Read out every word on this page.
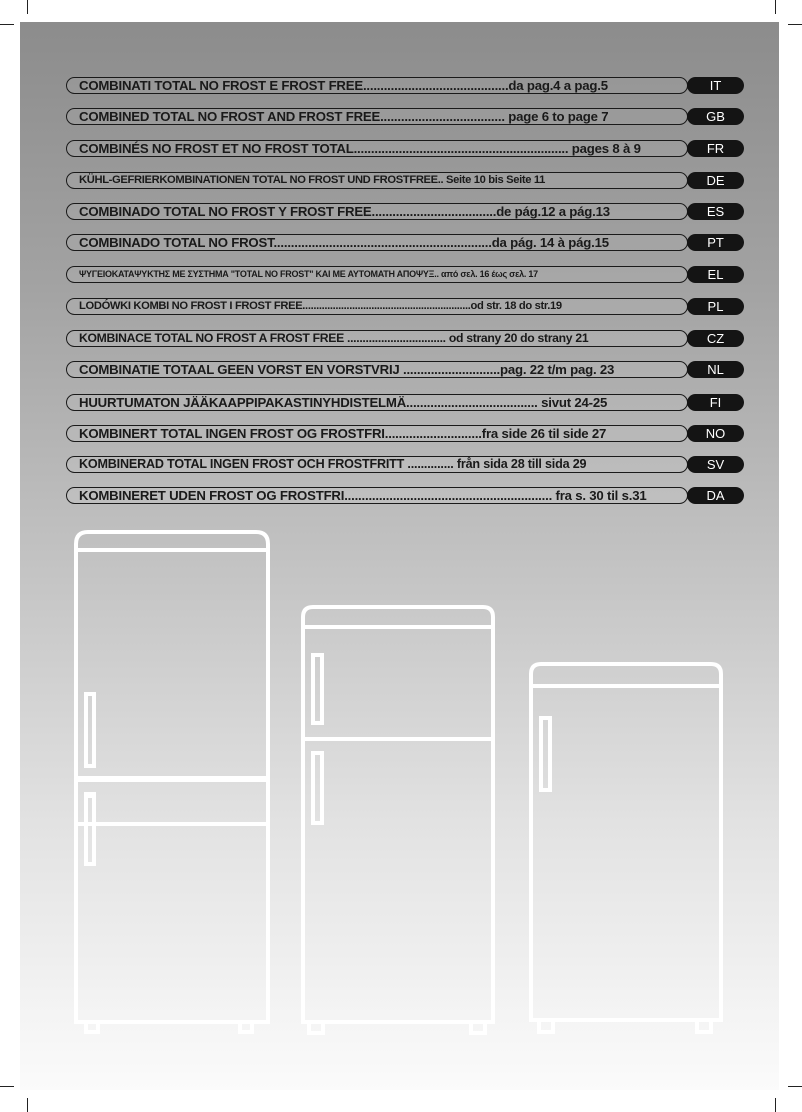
COMBINATI TOTAL NO FROST E FROST FREE..........................................da pag.4 a pag.5	IT
COMBINED TOTAL NO FROST AND FROST FREE.................................... page 6 to page 7	GB
COMBINÉS NO FROST ET NO FROST TOTAL.............................................................. pages 8 à 9	FR
KÜHL-GEFRIERKOMBINATIONEN TOTAL NO FROST UND FROSTFREE.. Seite 10 bis Seite 11	DE
COMBINADO TOTAL NO FROST Y FROST FREE....................................de pág.12 a pág.13	ES
COMBINADO TOTAL NO FROST...............................................................da pág. 14 à pág.15	PT
ΨΥΓΕΙΟΚΑΤΑΨΥΚΤΗΣ ΜΕ ΣΥΣΤΗΜΑ "TOTAL NO FROST" ΚΑΙ ΜΕ ΑΥΤΟΜΑΤΗ ΑΠΟΨΥΞ.. από σελ. 16 έως σελ. 17	EL
LODÓWKI KOMBI NO FROST I FROST FREE.............................................................od str. 18 do str.19	PL
KOMBINACE TOTAL NO FROST A FROST FREE ................................ od strany 20 do strany 21	CZ
COMBINATIE TOTAAL GEEN VORST EN VORSTVRIJ ............................pag. 22 t/m pag. 23	NL
HUURTUMATON JÄÄKAAPPIPAKASTINYHDISTELMÄ...................................... sivut 24-25	FI
KOMBINERT TOTAL INGEN FROST OG FROSTFRI............................fra side 26 til side 27	NO
KOMBINERAD TOTAL INGEN FROST OCH FROSTFRITT .............. från sida 28 till sida 29	SV
KOMBINERET UDEN FROST OG FROSTFRI............................................................ fra s. 30 til s.31	DA
